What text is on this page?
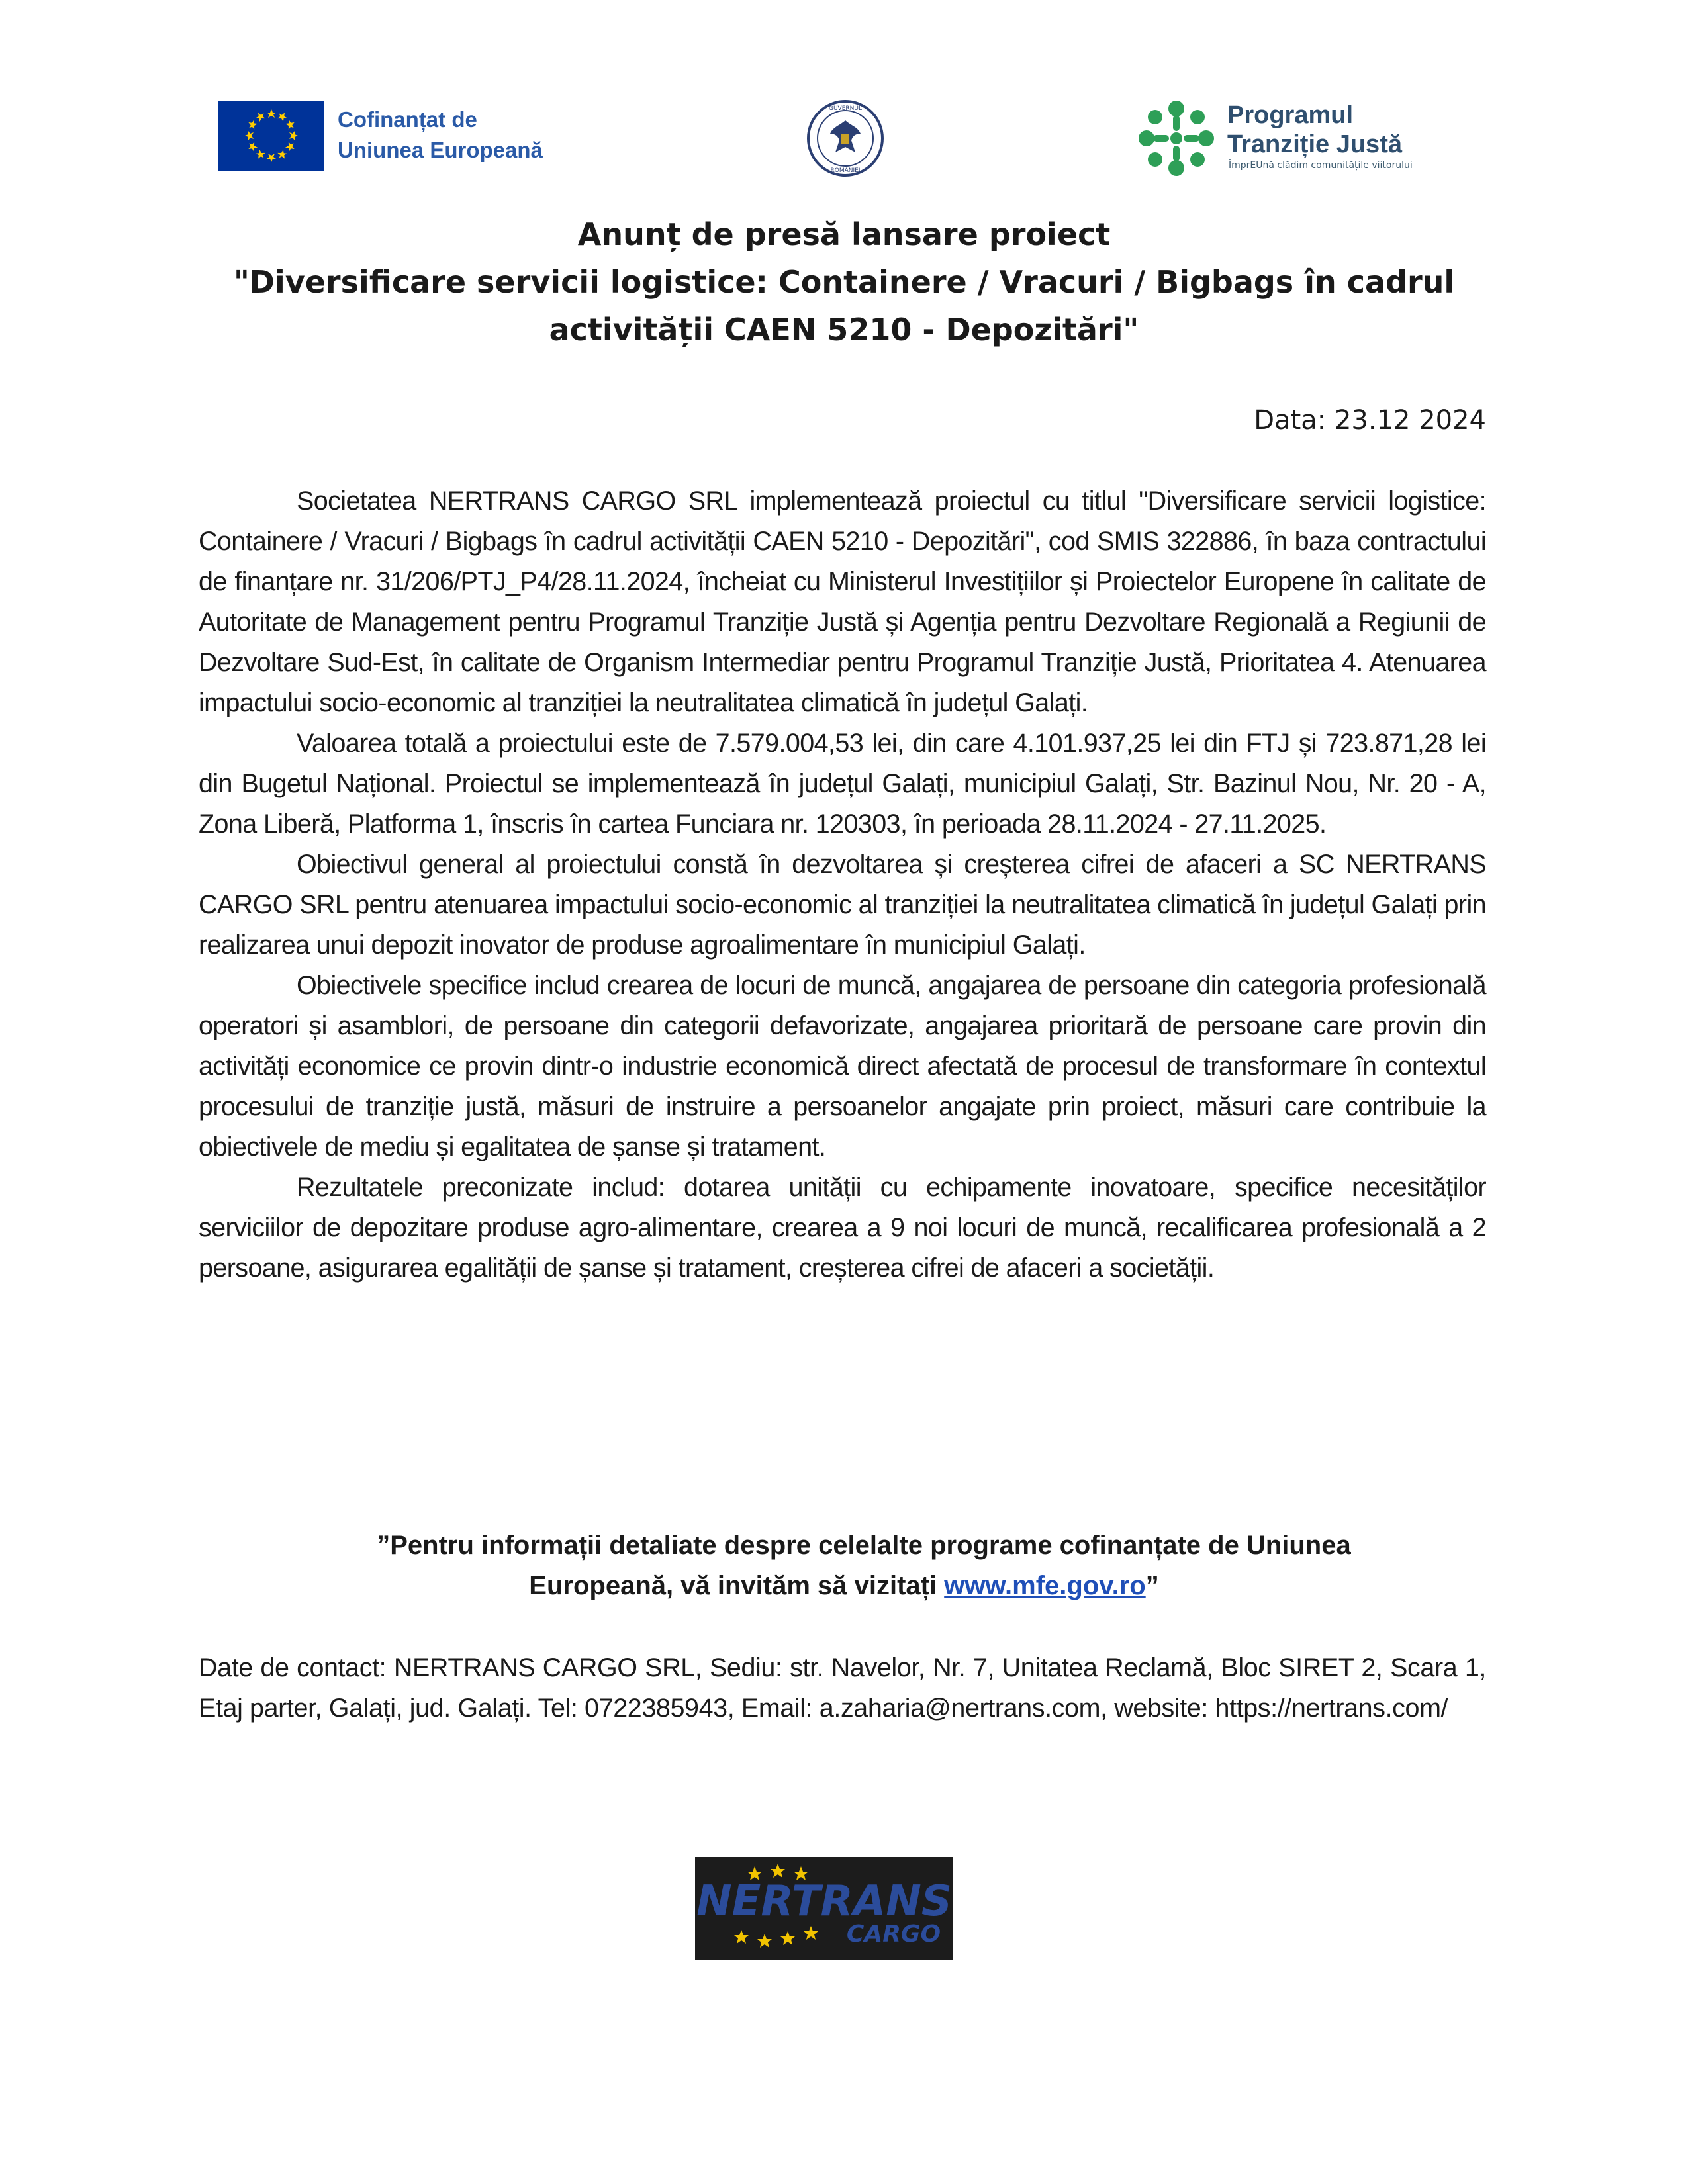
Cofinanțat de
Uniunea Europeană
GUVERNUL
ROMÂNIEI
Programul
Tranziție Justă
ÎmprEUnă clădim comunitățile viitorului
Anunț de presă lansare proiect
"Diversificare servicii logistice: Containere / Vracuri / Bigbags în cadrul
activității CAEN 5210 - Depozitări"
Data: 23.12 2024

Societatea NERTRANS CARGO SRL implementează proiectul cu titlul "Diversificare servicii logistice: Containere / Vracuri / Bigbags în cadrul activității CAEN 5210 - Depozitări", cod SMIS 322886, în baza contractului de finanțare nr. 31/206/PTJ_P4/28.11.2024, încheiat cu Ministerul Investițiilor și Proiectelor Europene în calitate de Autoritate de Management pentru Programul Tranziție Justă și Agenția pentru Dezvoltare Regională a Regiunii de Dezvoltare Sud-Est, în calitate de Organism Intermediar pentru Programul Tranziție Justă, Prioritatea 4. Atenuarea impactului socio-economic al tranziției la neutralitatea climatică în județul Galați.

Valoarea totală a proiectului este de 7.579.004,53 lei, din care 4.101.937,25 lei din FTJ și 723.871,28 lei din Bugetul Național. Proiectul se implementează în județul Galați, municipiul Galați, Str. Bazinul Nou, Nr. 20 - A, Zona Liberă, Platforma 1, înscris în cartea Funciara nr. 120303, în perioada 28.11.2024 - 27.11.2025.

Obiectivul general al proiectului constă în dezvoltarea și creșterea cifrei de afaceri a SC NERTRANS CARGO SRL pentru atenuarea impactului socio-economic al tranziției la neutralitatea climatică în județul Galați prin realizarea unui depozit inovator de produse agroalimentare în municipiul Galați.

Obiectivele specifice includ crearea de locuri de muncă, angajarea de persoane din categoria profesională operatori și asamblori, de persoane din categorii defavorizate, angajarea prioritară de persoane care provin din activități economice ce provin dintr-o industrie economică direct afectată de procesul de transformare în contextul procesului de tranziție justă, măsuri de instruire a persoanelor angajate prin proiect, măsuri care contribuie la obiectivele de mediu și egalitatea de șanse și tratament.

Rezultatele preconizate includ: dotarea unității cu echipamente inovatoare, specifice necesităților serviciilor de depozitare produse agro-alimentare, crearea a 9 noi locuri de muncă, recalificarea profesională a 2 persoane, asigurarea egalității de șanse și tratament, creșterea cifrei de afaceri a societății.

”Pentru informații detaliate despre celelalte programe cofinanțate de Uniunea
Europeană, vă invităm să vizitați www.mfe.gov.ro”
Date de contact: NERTRANS CARGO SRL, Sediu: str. Navelor, Nr. 7, Unitatea Reclamă, Bloc SIRET 2, Scara 1, Etaj parter, Galați, jud. Galați. Tel: 0722385943, Email: a.zaharia@nertrans.com, website: https://nertrans.com/
NERTRANS
CARGO
